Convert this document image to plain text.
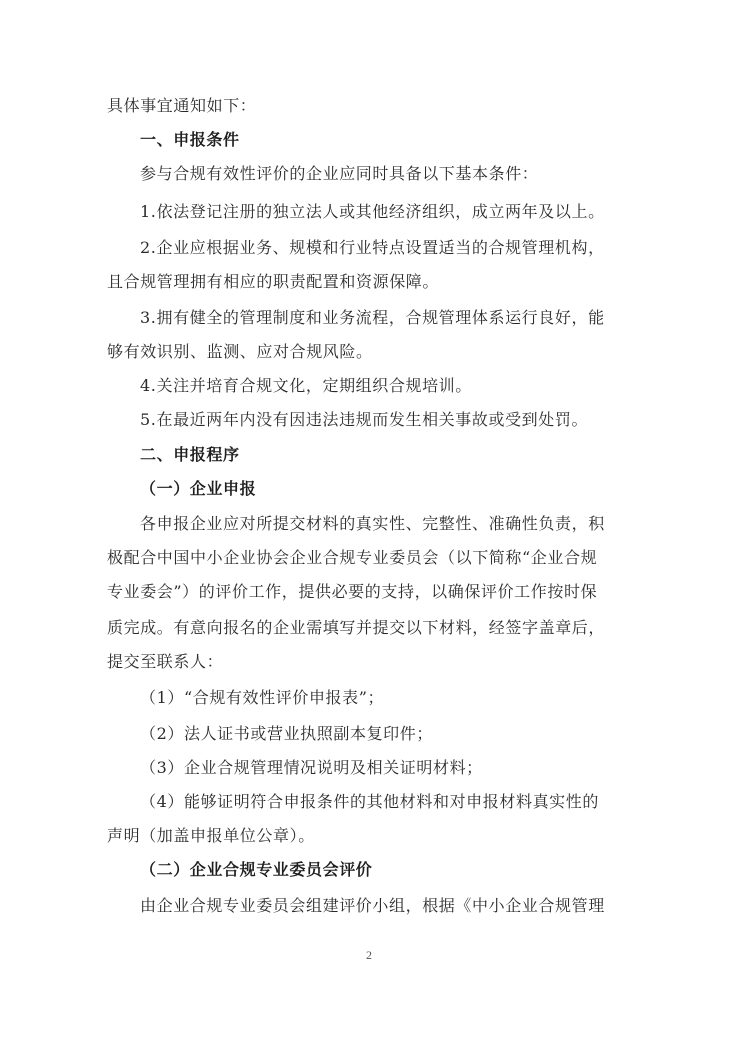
具体事宜通知如下：
一、申报条件
参与合规有效性评价的企业应同时具备以下基本条件：
1.依法登记注册的独立法人或其他经济组织，成立两年及以上。
2.企业应根据业务、规模和行业特点设置适当的合规管理机构，
且合规管理拥有相应的职责配置和资源保障。
3.拥有健全的管理制度和业务流程，合规管理体系运行良好，能
够有效识别、监测、应对合规风险。
4.关注并培育合规文化，定期组织合规培训。
5.在最近两年内没有因违法违规而发生相关事故或受到处罚。
二、申报程序
（一）企业申报
各申报企业应对所提交材料的真实性、完整性、准确性负责，积
极配合中国中小企业协会企业合规专业委员会（以下简称“企业合规
专业委会”）的评价工作，提供必要的支持，以确保评价工作按时保
质完成。有意向报名的企业需填写并提交以下材料，经签字盖章后，
提交至联系人：
（1）“合规有效性评价申报表”；
（2）法人证书或营业执照副本复印件；
（3）企业合规管理情况说明及相关证明材料；
（4）能够证明符合申报条件的其他材料和对申报材料真实性的
声明（加盖申报单位公章）。
（二）企业合规专业委员会评价
由企业合规专业委员会组建评价小组，根据《中小企业合规管理
2
